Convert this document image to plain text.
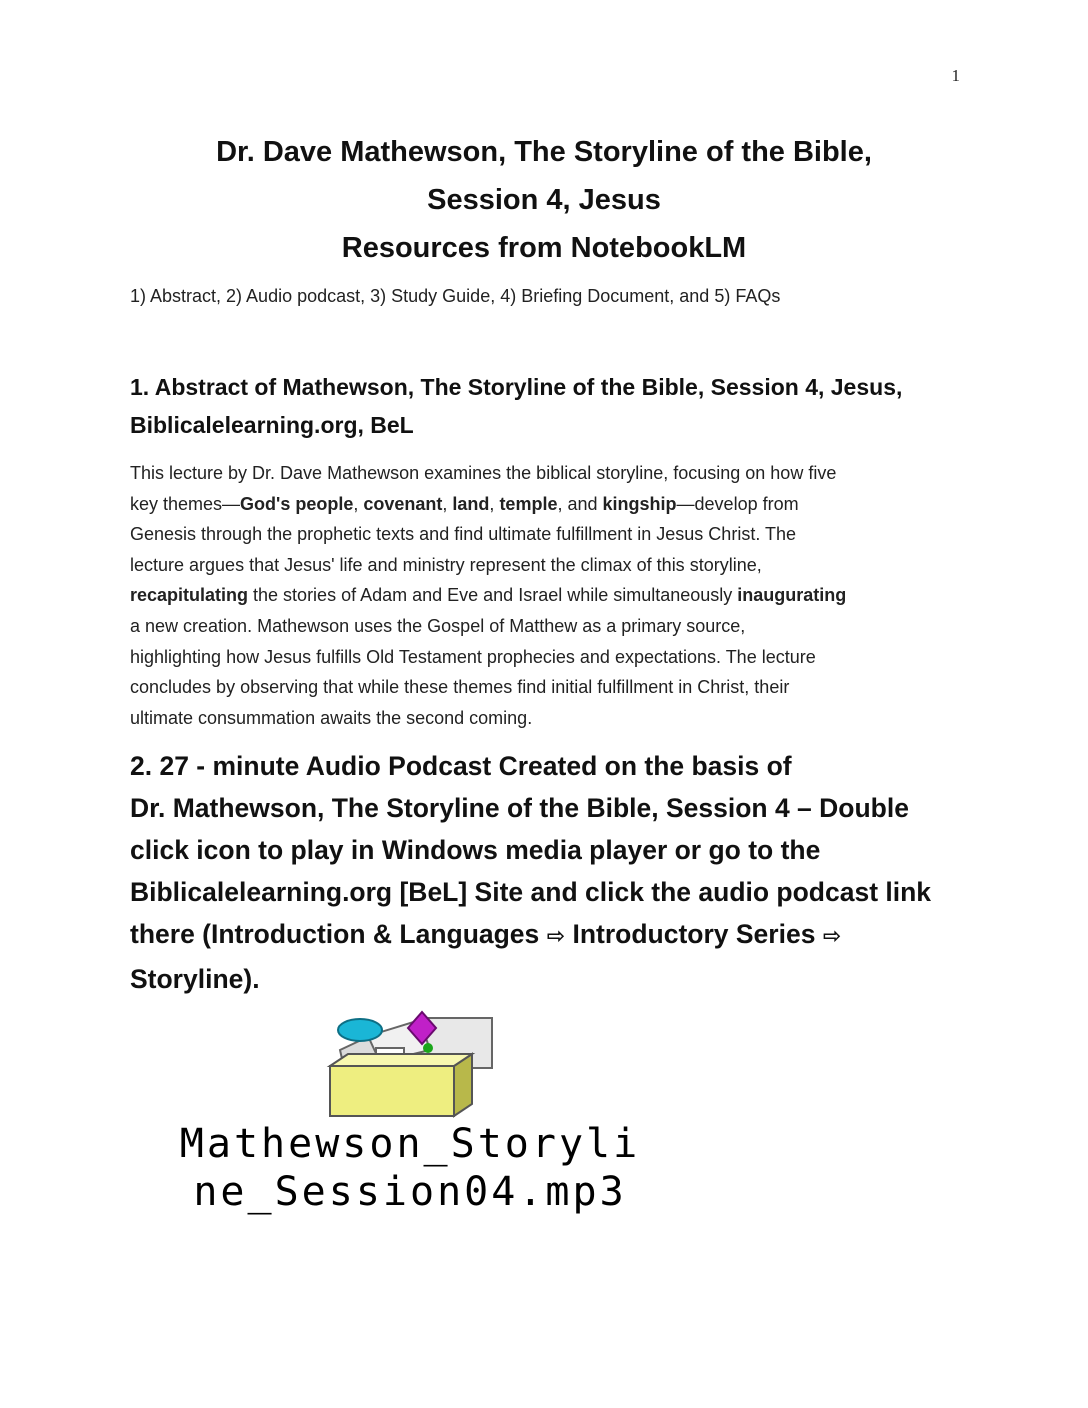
1
Dr. Dave Mathewson, The Storyline of the Bible,
Session 4, Jesus
Resources from NotebookLM
1) Abstract, 2) Audio podcast, 3) Study Guide, 4) Briefing Document, and 5) FAQs
1. Abstract of Mathewson, The Storyline of the Bible, Session 4, Jesus,
Biblicalelearning.org, BeL
This lecture by Dr. Dave Mathewson examines the biblical storyline, focusing on how five
key themes—God's people, covenant, land, temple, and kingship—develop from
Genesis through the prophetic texts and find ultimate fulfillment in Jesus Christ. The
lecture argues that Jesus' life and ministry represent the climax of this storyline,
recapitulating the stories of Adam and Eve and Israel while simultaneously inaugurating
a new creation. Mathewson uses the Gospel of Matthew as a primary source,
highlighting how Jesus fulfills Old Testament prophecies and expectations. The lecture
concludes by observing that while these themes find initial fulfillment in Christ, their
ultimate consummation awaits the second coming.
2. 27 - minute Audio Podcast Created on the basis of
Dr. Mathewson, The Storyline of the Bible, Session 4 – Double
click icon to play in Windows media player or go to the
Biblicalelearning.org [BeL] Site and click the audio podcast link
there (Introduction & Languages ⇨ Introductory Series ⇨
Storyline).
Mathewson_Storyli
ne_Session04.mp3
